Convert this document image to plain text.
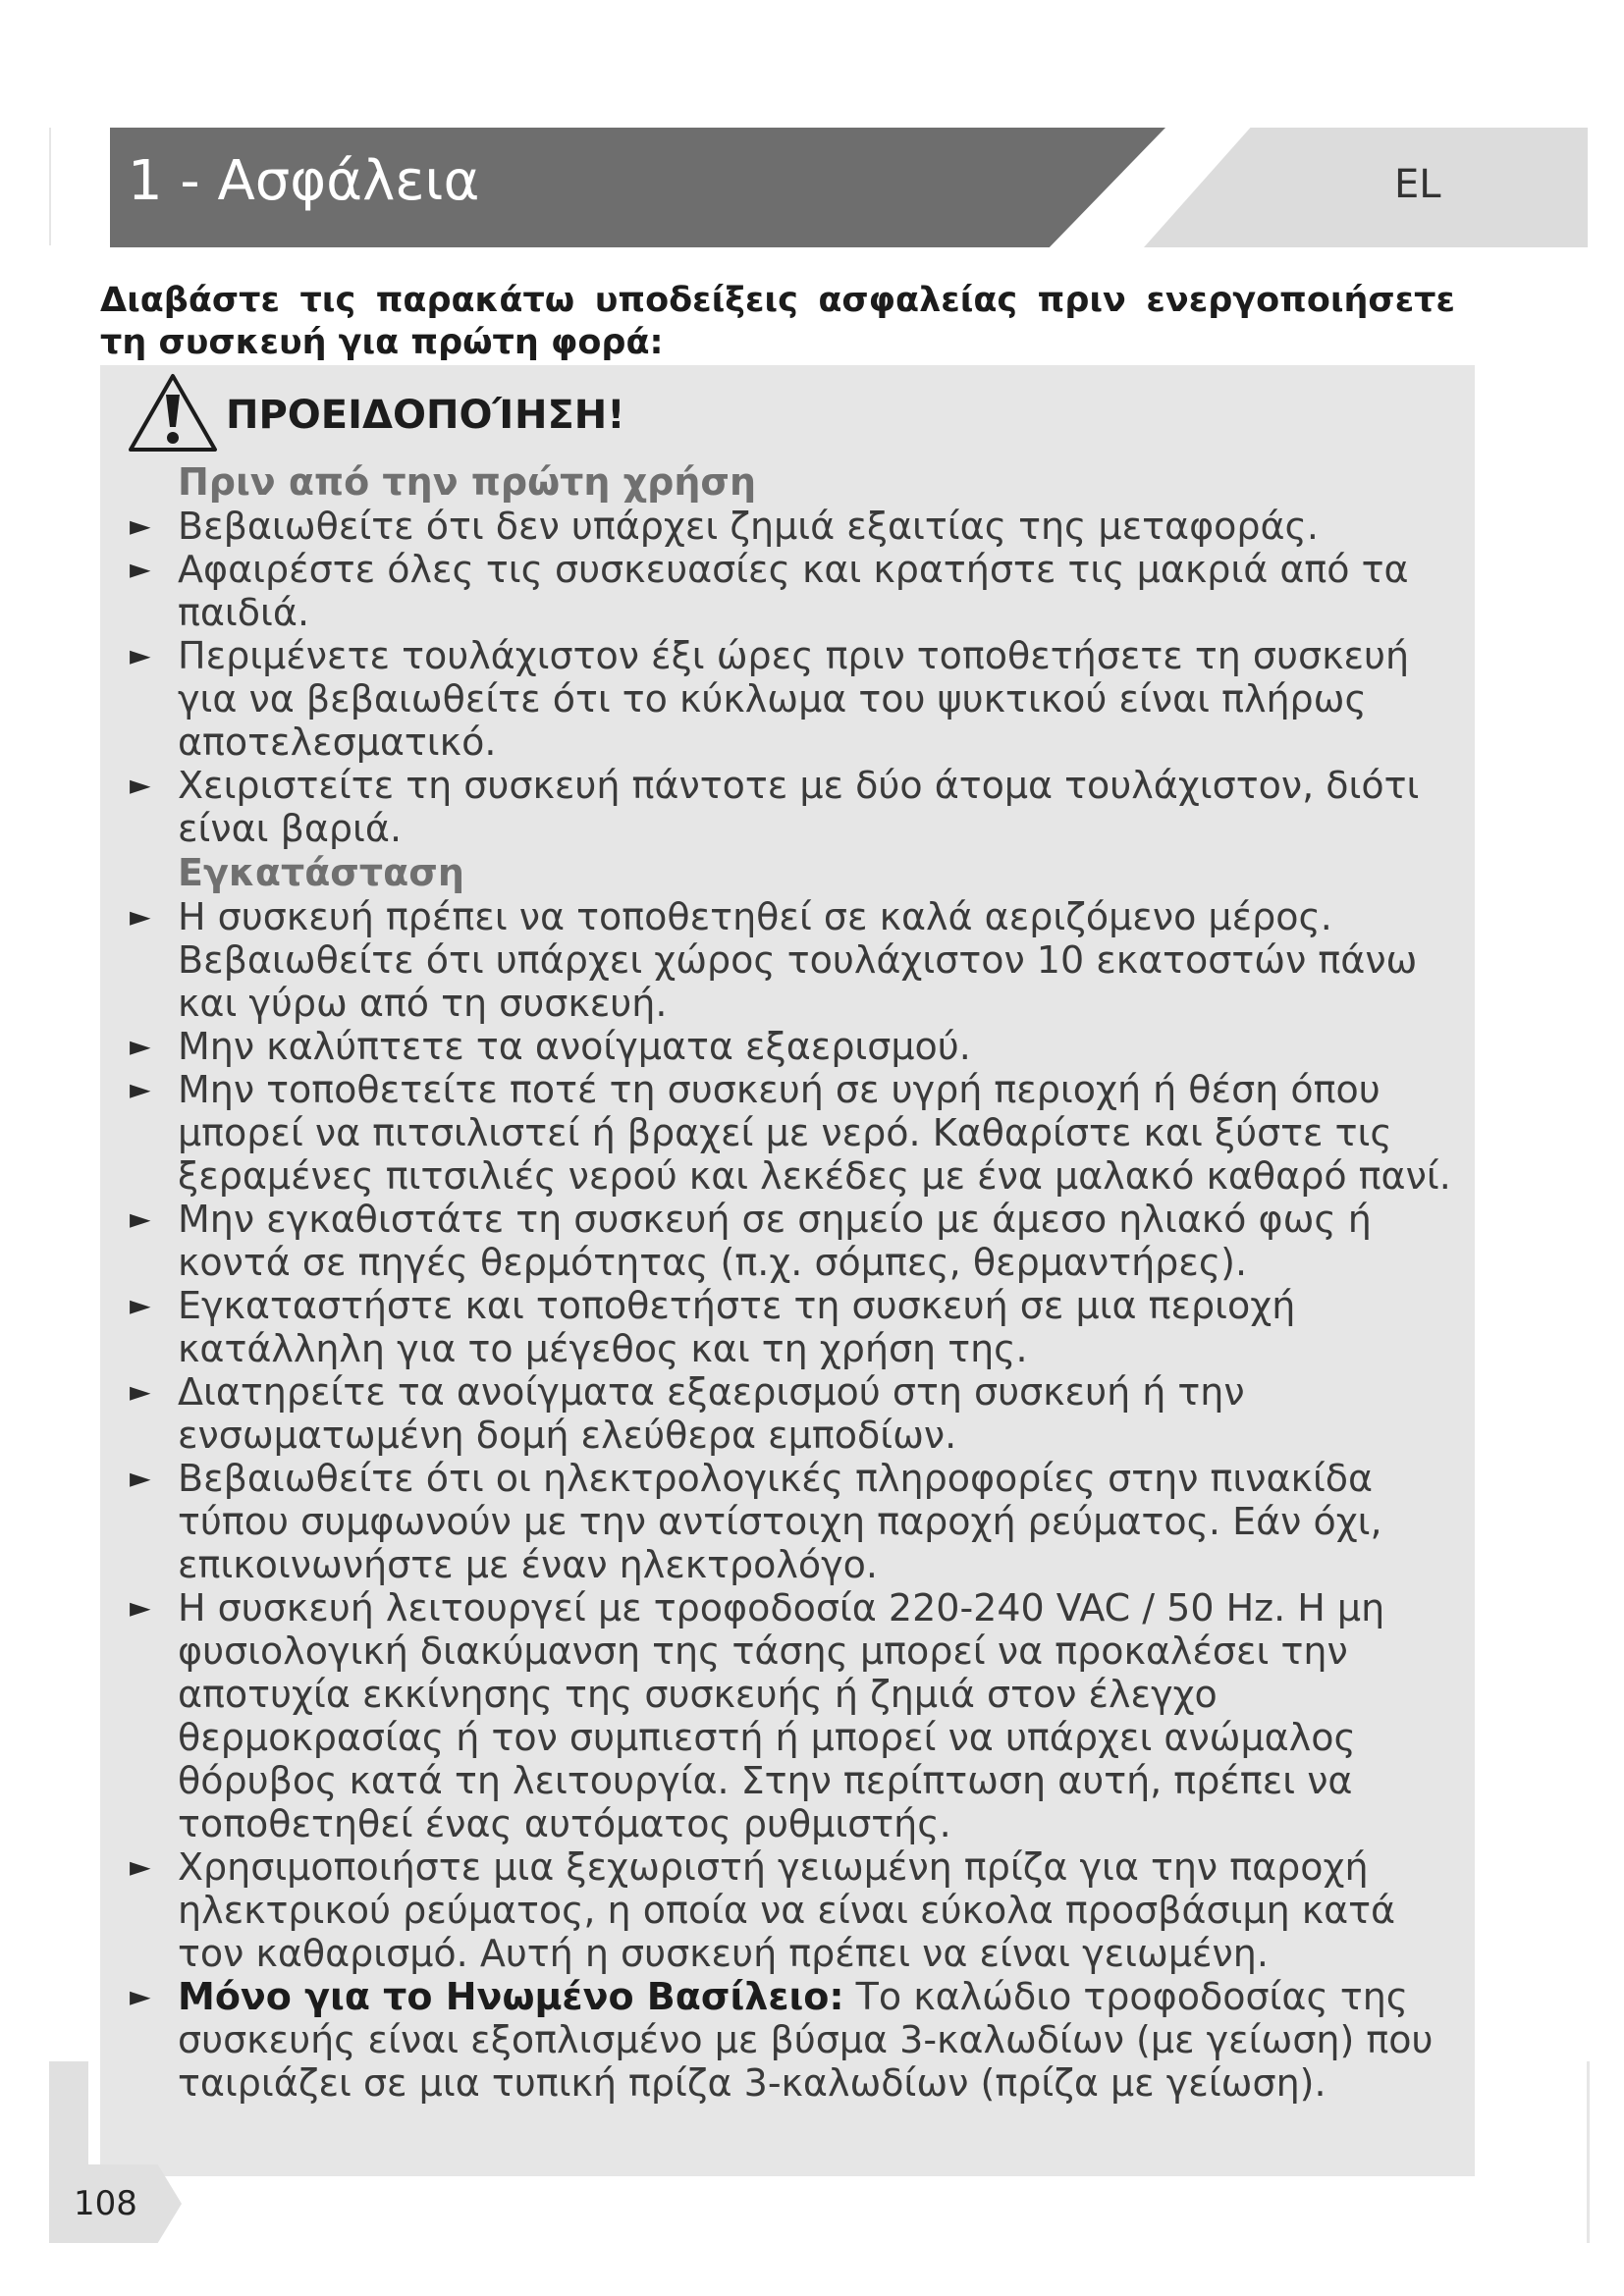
1 - Ασφάλεια	EL

Διαβάστε τις παρακάτω υποδείξεις ασφαλείας πριν ενεργοποιήσετε τη συσκευή για πρώτη φορά:

ΠΡΟΕΙΔΟΠΟΊΗΣΗ!

Πριν από την πρώτη χρήση

► Βεβαιωθείτε ότι δεν υπάρχει ζημιά εξαιτίας της μεταφοράς.

► Αφαιρέστε όλες τις συσκευασίες και κρατήστε τις μακριά από τα παιδιά.

► Περιμένετε τουλάχιστον έξι ώρες πριν τοποθετήσετε τη συσκευή για να βεβαιωθείτε ότι το κύκλωμα του ψυκτικού είναι πλήρως αποτελεσματικό.

► Χειριστείτε τη συσκευή πάντοτε με δύο άτομα τουλάχιστον, διότι είναι βαριά.

Εγκατάσταση

► Η συσκευή πρέπει να τοποθετηθεί σε καλά αεριζόμενο μέρος. Βεβαιωθείτε ότι υπάρχει χώρος τουλάχιστον 10 εκατοστών πάνω και γύρω από τη συσκευή.

► Μην καλύπτετε τα ανοίγματα εξαερισμού.

► Μην τοποθετείτε ποτέ τη συσκευή σε υγρή περιοχή ή θέση όπου μπορεί να πιτσιλιστεί ή βραχεί με νερό. Καθαρίστε και ξύστε τις ξεραμένες πιτσιλιές νερού και λεκέδες με ένα μαλακό καθαρό πανί.

► Μην εγκαθιστάτε τη συσκευή σε σημείο με άμεσο ηλιακό φως ή κοντά σε πηγές θερμότητας (π.χ. σόμπες, θερμαντήρες).

► Εγκαταστήστε και τοποθετήστε τη συσκευή σε μια περιοχή κατάλληλη για το μέγεθος και τη χρήση της.

► Διατηρείτε τα ανοίγματα εξαερισμού στη συσκευή ή την ενσωματωμένη δομή ελεύθερα εμποδίων.

► Βεβαιωθείτε ότι οι ηλεκτρολογικές πληροφορίες στην πινακίδα τύπου συμφωνούν με την αντίστοιχη παροχή ρεύματος. Εάν όχι, επικοινωνήστε με έναν ηλεκτρολόγο.

► Η συσκευή λειτουργεί με τροφοδοσία 220-240 VAC / 50 Hz. Η μη φυσιολογική διακύμανση της τάσης μπορεί να προκαλέσει την αποτυχία εκκίνησης της συσκευής ή ζημιά στον έλεγχο θερμοκρασίας ή τον συμπιεστή ή μπορεί να υπάρχει ανώμαλος θόρυβος κατά τη λειτουργία. Στην περίπτωση αυτή, πρέπει να τοποθετηθεί ένας αυτόματος ρυθμιστής.

► Χρησιμοποιήστε μια ξεχωριστή γειωμένη πρίζα για την παροχή ηλεκτρικού ρεύματος, η οποία να είναι εύκολα προσβάσιμη κατά τον καθαρισμό. Αυτή η συσκευή πρέπει να είναι γειωμένη.

► Μόνο για το Ηνωμένο Βασίλειο: Το καλώδιο τροφοδοσίας της συσκευής είναι εξοπλισμένο με βύσμα 3-καλωδίων (με γείωση) που ταιριάζει σε μια τυπική πρίζα 3-καλωδίων (πρίζα με γείωση).

108
